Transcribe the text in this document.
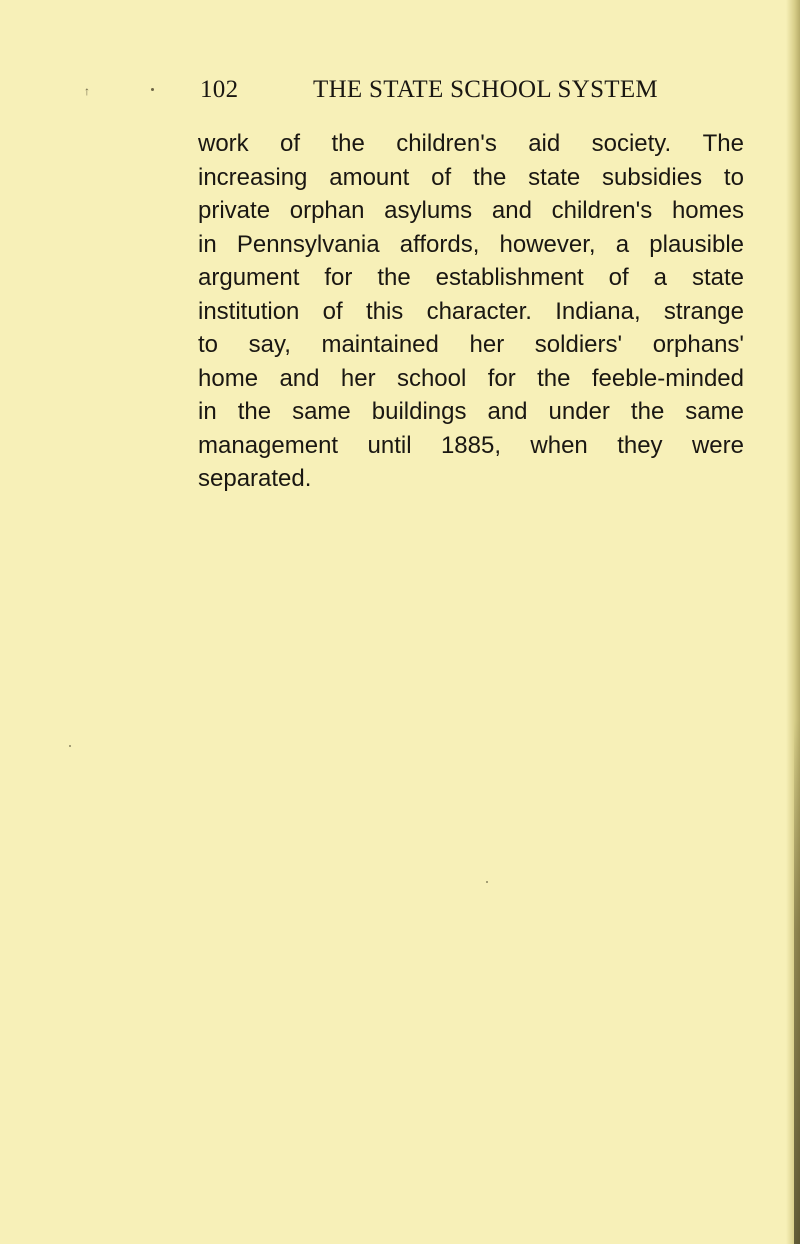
↑	102	THE STATE SCHOOL SYSTEM
work of the children's aid society. The
increasing amount of the state subsidies to
private orphan asylums and children's homes
in Pennsylvania affords, however, a plausible
argument for the establishment of a state
institution of this character. Indiana, strange
to say, maintained her soldiers' orphans'
home and her school for the feeble-minded
in the same buildings and under the same
management until 1885, when they were
separated.
